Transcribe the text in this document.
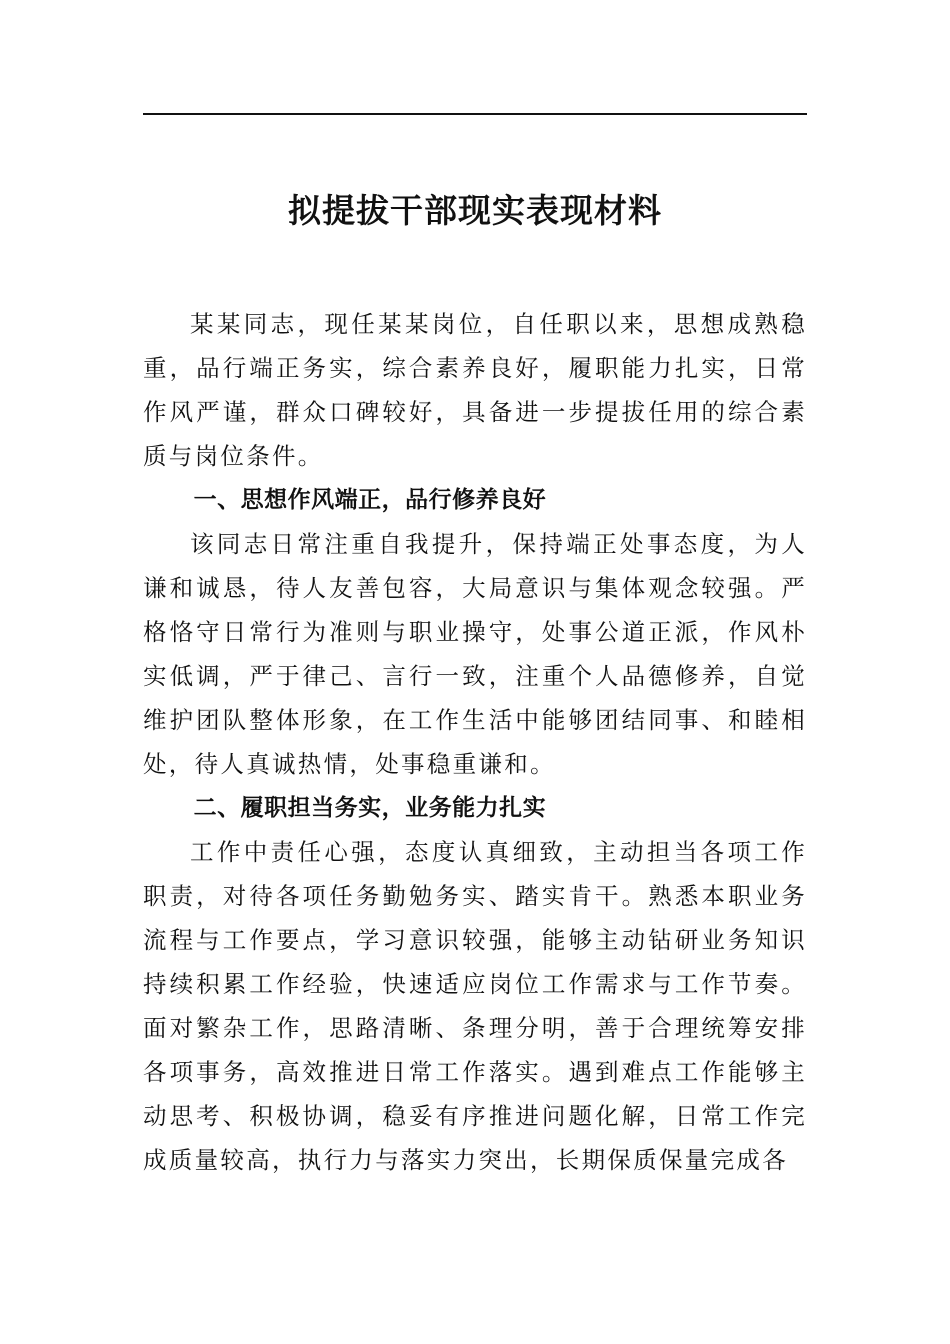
拟提拔干部现实表现材料

某某同志，现任某某岗位，自任职以来，思想成熟稳重，品行端正务实，综合素养良好，履职能力扎实，日常作风严谨，群众口碑较好，具备进一步提拔任用的综合素质与岗位条件。

一、思想作风端正，品行修养良好

该同志日常注重自我提升，保持端正处事态度，为人谦和诚恳，待人友善包容，大局意识与集体观念较强。严格恪守日常行为准则与职业操守，处事公道正派，作风朴实低调，严于律己、言行一致，注重个人品德修养，自觉维护团队整体形象，在工作生活中能够团结同事、和睦相处，待人真诚热情，处事稳重谦和。

二、履职担当务实，业务能力扎实

工作中责任心强，态度认真细致，主动担当各项工作职责，对待各项任务勤勉务实、踏实肯干。熟悉本职业务流程与工作要点，学习意识较强，能够主动钻研业务知识持续积累工作经验，快速适应岗位工作需求与工作节奏。面对繁杂工作，思路清晰、条理分明，善于合理统筹安排各项事务，高效推进日常工作落实。遇到难点工作能够主动思考、积极协调，稳妥有序推进问题化解，日常工作完成质量较高，执行力与落实力突出，长期保质保量完成各
